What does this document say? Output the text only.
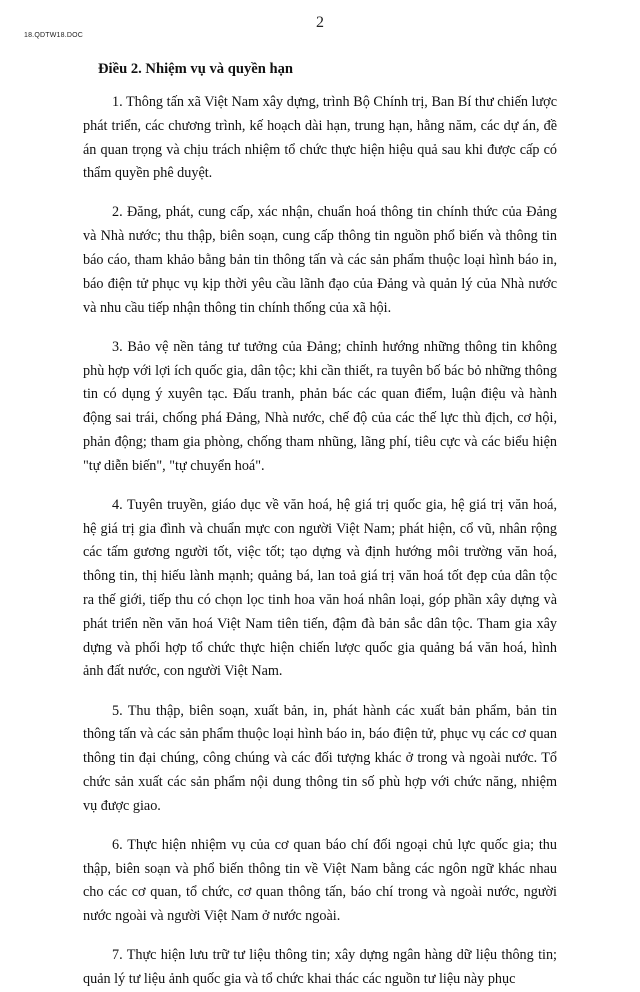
18.QDTW18.DOC
2
Điều 2. Nhiệm vụ và quyền hạn

1. Thông tấn xã Việt Nam xây dựng, trình Bộ Chính trị, Ban Bí thư chiến lược phát triển, các chương trình, kế hoạch dài hạn, trung hạn, hằng năm, các dự án, đề án quan trọng và chịu trách nhiệm tổ chức thực hiện hiệu quả sau khi được cấp có thẩm quyền phê duyệt.

2. Đăng, phát, cung cấp, xác nhận, chuẩn hoá thông tin chính thức của Đảng và Nhà nước; thu thập, biên soạn, cung cấp thông tin nguồn phổ biến và thông tin báo cáo, tham khảo bằng bản tin thông tấn và các sản phẩm thuộc loại hình báo in, báo điện tử phục vụ kịp thời yêu cầu lãnh đạo của Đảng và quản lý của Nhà nước và nhu cầu tiếp nhận thông tin chính thống của xã hội.

3. Bảo vệ nền tảng tư tưởng của Đảng; chỉnh hướng những thông tin không phù hợp với lợi ích quốc gia, dân tộc; khi cần thiết, ra tuyên bố bác bỏ những thông tin có dụng ý xuyên tạc. Đấu tranh, phản bác các quan điểm, luận điệu và hành động sai trái, chống phá Đảng, Nhà nước, chế độ của các thế lực thù địch, cơ hội, phản động; tham gia phòng, chống tham nhũng, lãng phí, tiêu cực và các biểu hiện "tự diễn biến", "tự chuyển hoá".

4. Tuyên truyền, giáo dục về văn hoá, hệ giá trị quốc gia, hệ giá trị văn hoá, hệ giá trị gia đình và chuẩn mực con người Việt Nam; phát hiện, cổ vũ, nhân rộng các tấm gương người tốt, việc tốt; tạo dựng và định hướng môi trường văn hoá, thông tin, thị hiếu lành mạnh; quảng bá, lan toả giá trị văn hoá tốt đẹp của dân tộc ra thế giới, tiếp thu có chọn lọc tinh hoa văn hoá nhân loại, góp phần xây dựng và phát triển nền văn hoá Việt Nam tiên tiến, đậm đà bản sắc dân tộc. Tham gia xây dựng và phối hợp tổ chức thực hiện chiến lược quốc gia quảng bá văn hoá, hình ảnh đất nước, con người Việt Nam.

5. Thu thập, biên soạn, xuất bản, in, phát hành các xuất bản phẩm, bản tin thông tấn và các sản phẩm thuộc loại hình báo in, báo điện tử, phục vụ các cơ quan thông tin đại chúng, công chúng và các đối tượng khác ở trong và ngoài nước. Tổ chức sản xuất các sản phẩm nội dung thông tin số phù hợp với chức năng, nhiệm vụ được giao.

6. Thực hiện nhiệm vụ của cơ quan báo chí đối ngoại chủ lực quốc gia; thu thập, biên soạn và phổ biến thông tin về Việt Nam bằng các ngôn ngữ khác nhau cho các cơ quan, tổ chức, cơ quan thông tấn, báo chí trong và ngoài nước, người nước ngoài và người Việt Nam ở nước ngoài.

7. Thực hiện lưu trữ tư liệu thông tin; xây dựng ngân hàng dữ liệu thông tin; quản lý tư liệu ảnh quốc gia và tổ chức khai thác các nguồn tư liệu này phục
